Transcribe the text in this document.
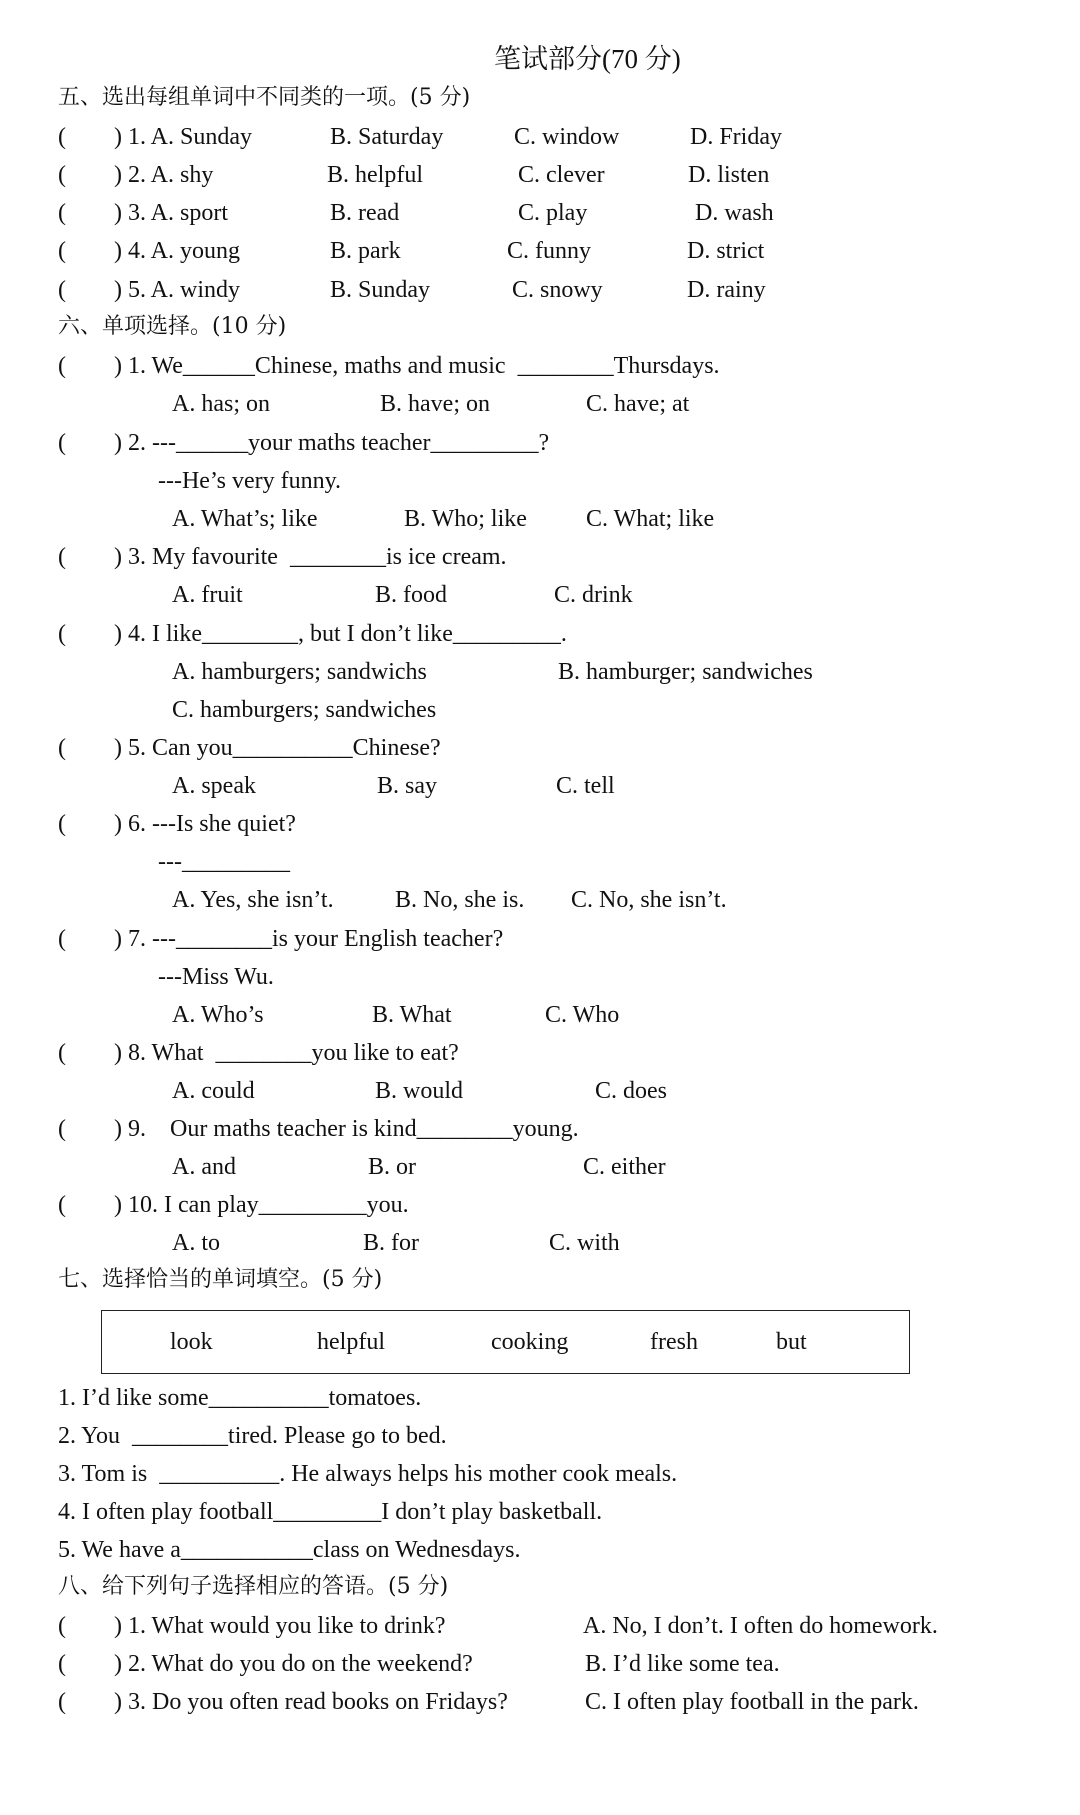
笔试部分(70 分)
五、选出每组单词中不同类的一项。(5 分)
(        ) 1. A. Sunday	B. Saturday	C. window	D. Friday
(        ) 2. A. shy	B. helpful	C. clever	D. listen
(        ) 3. A. sport	B. read	C. play	D. wash
(        ) 4. A. young	B. park	C. funny	D. strict
(        ) 5. A. windy	B. Sunday	C. snowy	D. rainy
六、单项选择。(10 分)
(        ) 1. We______Chinese, maths and music  ________Thursdays.
A. has; on	B. have; on	C. have; at
(        ) 2. ---______your maths teacher_________?
---He’s very funny.
A. What’s; like	B. Who; like C. What; like
(        ) 3. My favourite  ________is ice cream.
A. fruit	B. food	C. drink
(        ) 4. I like________, but I don’t like_________.
A. hamburgers; sandwichs	B. hamburger; sandwiches
C. hamburgers; sandwiches
(        ) 5. Can you__________Chinese?
A. speak	B. say	C. tell
(        ) 6. ---Is she quiet?
---_________
A. Yes, she isn’t.	B. No, she is. C. No, she isn’t.
(        ) 7. ---________is your English teacher?
---Miss Wu.
A. Who’s	B. What	C. Who
(        ) 8. What  ________you like to eat?
A. could	B. would	C. does
(        ) 9.    Our maths teacher is kind________young.
A. and	B. or	C. either
(        ) 10. I can play_________you.
A. to	B. for	C. with
七、选择恰当的单词填空。(5 分)
look	helpful	cooking	fresh	but
1. I’d like some__________tomatoes.
2. You  ________tired. Please go to bed.
3. Tom is  __________. He always helps his mother cook meals.
4. I often play football_________I don’t play basketball.
5. We have a___________class on Wednesdays.
八、给下列句子选择相应的答语。(5 分)
(        ) 1. What would you like to drink?	A. No, I don’t. I often do homework.
(        ) 2. What do you do on the weekend?	B. I’d like some tea.
(        ) 3. Do you often read books on Fridays?	C. I often play football in the park.
